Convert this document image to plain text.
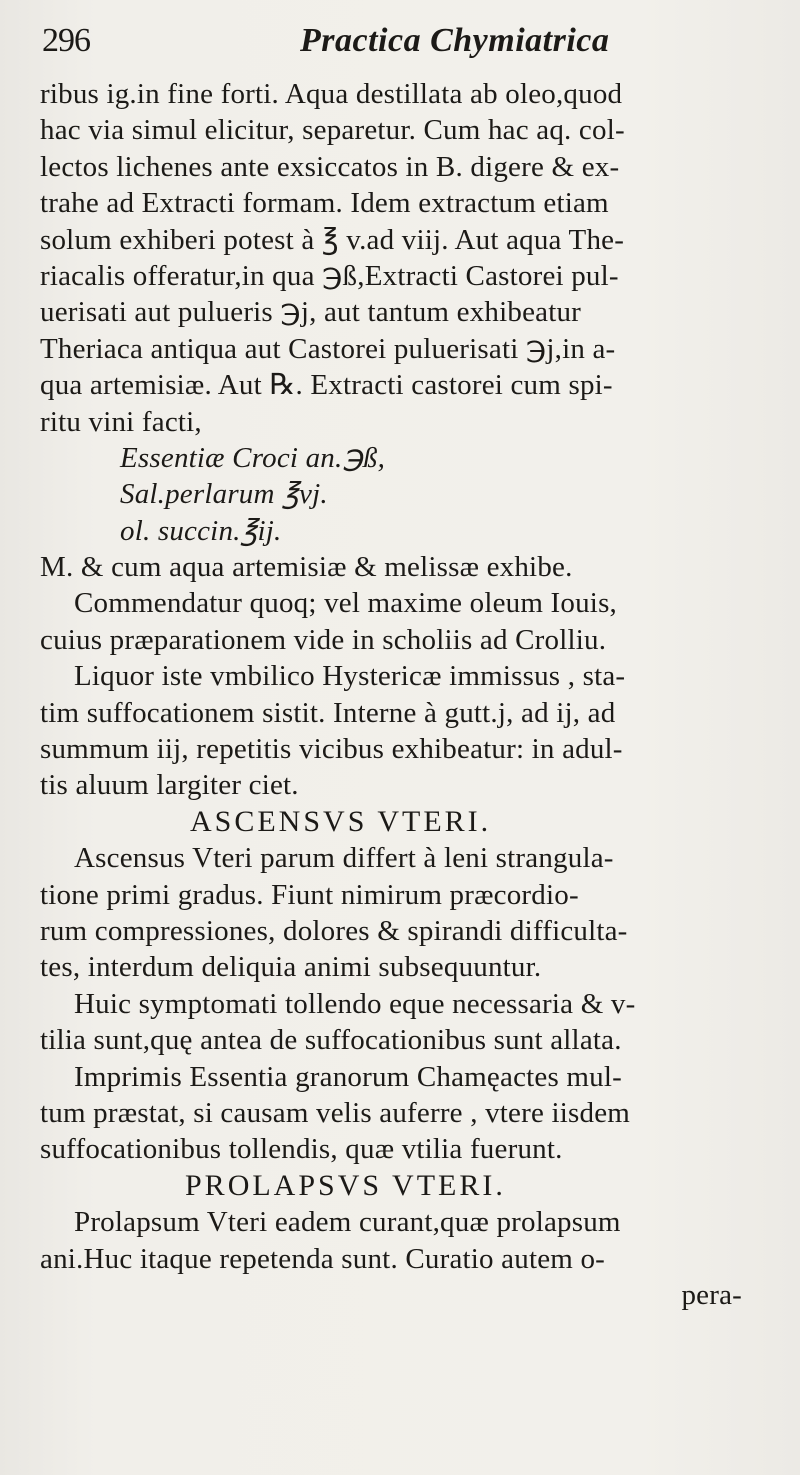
296	Practica Chymiatrica
ribus ig.in fine forti. Aqua destillata ab oleo,quod
hac via simul elicitur, separetur. Cum hac aq. col-
lectos lichenes ante exsiccatos in B. digere & ex-
trahe ad Extracti formam. Idem extractum etiam
solum exhiberi potest à ℥ v.ad viij. Aut aqua The-
riacalis offeratur,in qua ℈ß,Extracti Castorei pul-
uerisati aut pulueris ℈j, aut tantum exhibeatur
Theriaca antiqua aut Castorei puluerisati ℈j,in a-
qua artemisiæ. Aut ℞. Extracti castorei cum spi-
ritu vini facti,
Essentiæ Croci an.℈ß,
Sal.perlarum ℥vj.
ol. succin.℥ij.
M. & cum aqua artemisiæ & melissæ exhibe.
Commendatur quoq; vel maxime oleum Iouis,
cuius præparationem vide in scholiis ad Crolliu.
Liquor iste vmbilico Hystericæ immissus , sta-
tim suffocationem sistit. Interne à gutt.j, ad ij, ad
summum iij, repetitis vicibus exhibeatur: in adul-
tis aluum largiter ciet.
ASCENSVS VTERI.
Ascensus Vteri parum differt à leni strangula-
tione primi gradus. Fiunt nimirum præcordio-
rum compressiones, dolores & spirandi difficulta-
tes, interdum deliquia animi subsequuntur.
Huic symptomati tollendo eque necessaria & v-
tilia sunt,quę antea de suffocationibus sunt allata.
Imprimis Essentia granorum Chamęactes mul-
tum præstat, si causam velis auferre , vtere iisdem
suffocationibus tollendis, quæ vtilia fuerunt.
PROLAPSVS VTERI.
Prolapsum Vteri eadem curant,quæ prolapsum
ani.Huc itaque repetenda sunt. Curatio autem o-
pera-
